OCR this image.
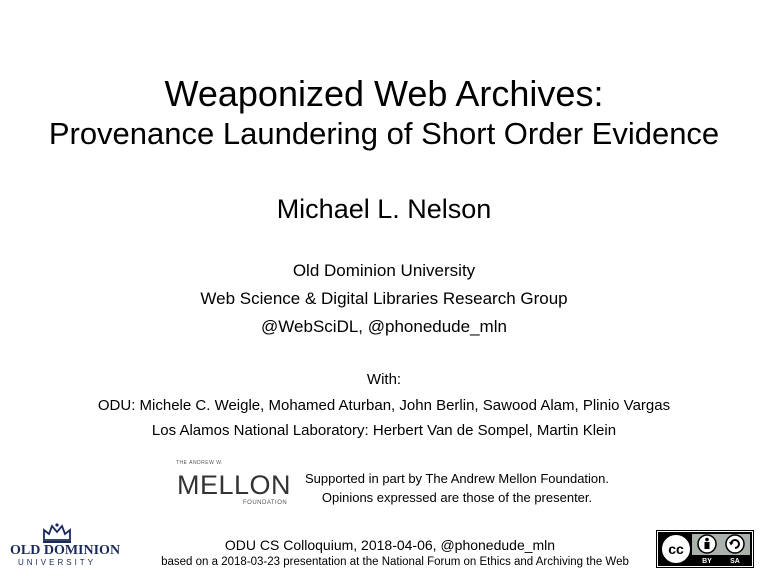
Weaponized Web Archives:
Provenance Laundering of Short Order Evidence
Michael L. Nelson
Old Dominion University
Web Science & Digital Libraries Research Group
@WebSciDL, @phonedude_mln
With:
ODU: Michele C. Weigle, Mohamed Aturban, John Berlin, Sawood Alam, Plinio Vargas
Los Alamos National Laboratory: Herbert Van de Sompel, Martin Klein
THE ANDREW W.
MELLON
FOUNDATION
Supported in part by The Andrew Mellon Foundation.
Opinions expressed are those of the presenter.
OLD DOMINION
UNIVERSITY
ODU CS Colloquium, 2018-04-06, @phonedude_mln
based on a 2018-03-23 presentation at the National Forum on Ethics and Archiving the Web
cc
BY	SA
